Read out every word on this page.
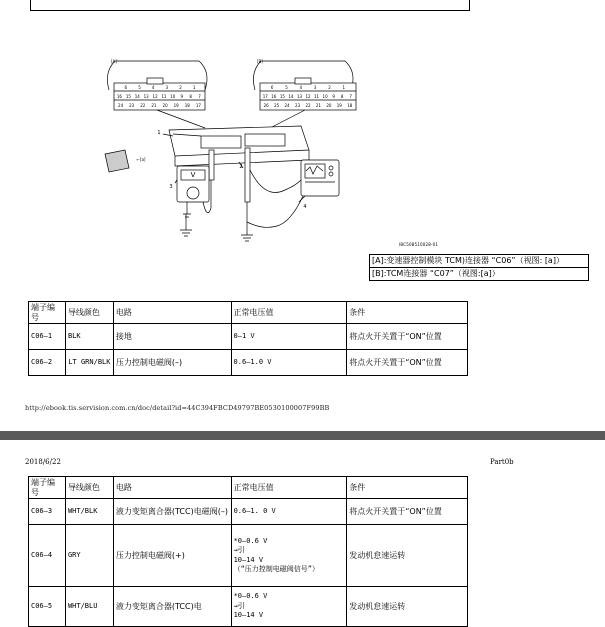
[A]	[B]
6	5	4	3	2	1
16 15 14 13 12 11 10 9 8 7
24 23 22 21 20 19 18 17
6	5	4	3	2	1
17 16 15 14 13 12 11 10 9 8 7
26 25 24 23 22 21 20 19 18
1
2
3
4
←[a]
V
IBC508510028-01
[A]:变速器控制模块 TCM)连接器 “C06”（视图: [a]）
[B]:TCM连接器 “C07”（视图:[a]）
端子编号	导线颜色	电路	正常电压值	条件
C06–1	BLK	接地	0–1 V	将点火开关置于“ON”位置
C06–2	LT GRN/BLK	压力控制电磁阀(–)	0.6–1.0 V	将点火开关置于“ON”位置
http://ebook.tis.servision.com.cn/doc/detail?id=44C394FBCD49797BE0530100007F99BB
2018/6/22	Part0b
端子编号	导线颜色	电路	正常电压值	条件
C06–3	WHT/BLK	液力变矩离合器(TCC)电磁阀(–)	0.6–1. 0 V	将点火开关置于“ON”位置
C06–4	GRY	压力控制电磁阀(+)	*0–0.6 V
→引
10–14 V
（“压力控制电磁阀信号”）	发动机怠速运转
C06–5	WHT/BLU	液力变矩离合器(TCC)电	*0–0.6 V
→引
10–14 V	发动机怠速运转
